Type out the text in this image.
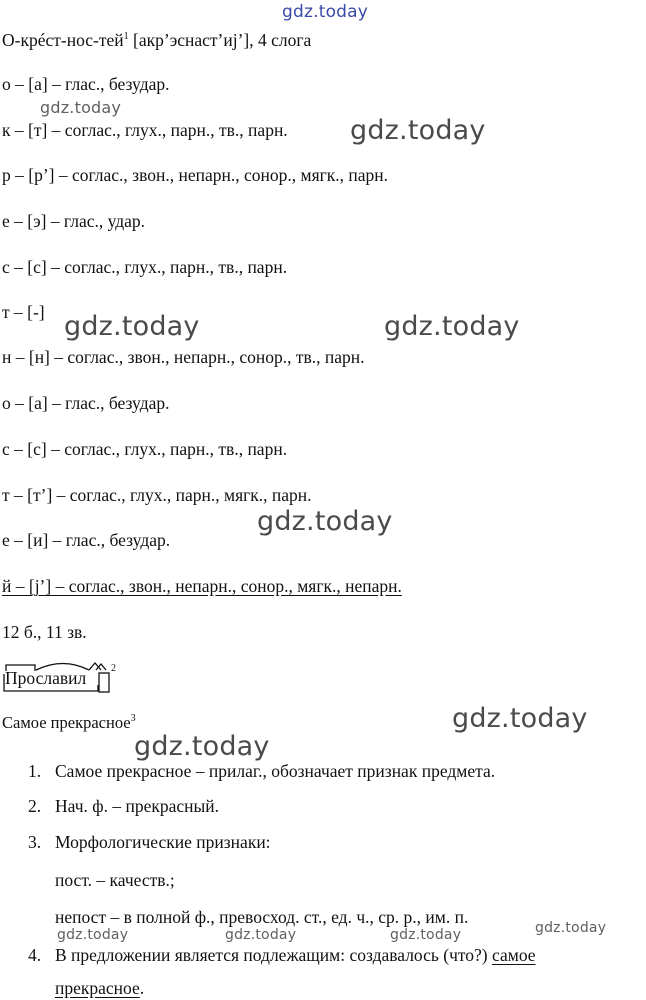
gdz.today
gdz.today
gdz.today
gdz.today	gdz.today
gdz.today
gdz.today
gdz.today
gdz.today
gdz.today	gdz.today	gdz.today
О-крéст-нос-тей$^1$ [акр’эснаст’иj’], 4 слога
о – [а] – глас., безудар.
к – [т] – соглас., глух., парн., тв., парн.
р – [р’] – соглас., звон., непарн., сонор., мягк., парн.
е – [э] – глас., удар.
с – [с] – соглас., глух., парн., тв., парн.
т – [-]
н – [н] – соглас., звон., непарн., сонор., тв., парн.
о – [а] – глас., безудар.
с – [с] – соглас., глух., парн., тв., парн.
т – [т’] – соглас., глух., парн., мягк., парн.
е – [и] – глас., безудар.
й – [j’] – соглас., звон., непарн., сонор., мягк., непарн.
12 б., 11 зв.
Прославил 2
Самое прекрасное$^3$
1. Самое прекрасное – прилаг., обозначает признак предмета.
2. Нач. ф. – прекрасный.
3. Морфологические признаки:
пост. – качеств.;
непост – в полной ф., превосход. ст., ед. ч., ср. р., им. п.
4. В предложении является подлежащим: создавалось (что?) самое
прекрасное.
